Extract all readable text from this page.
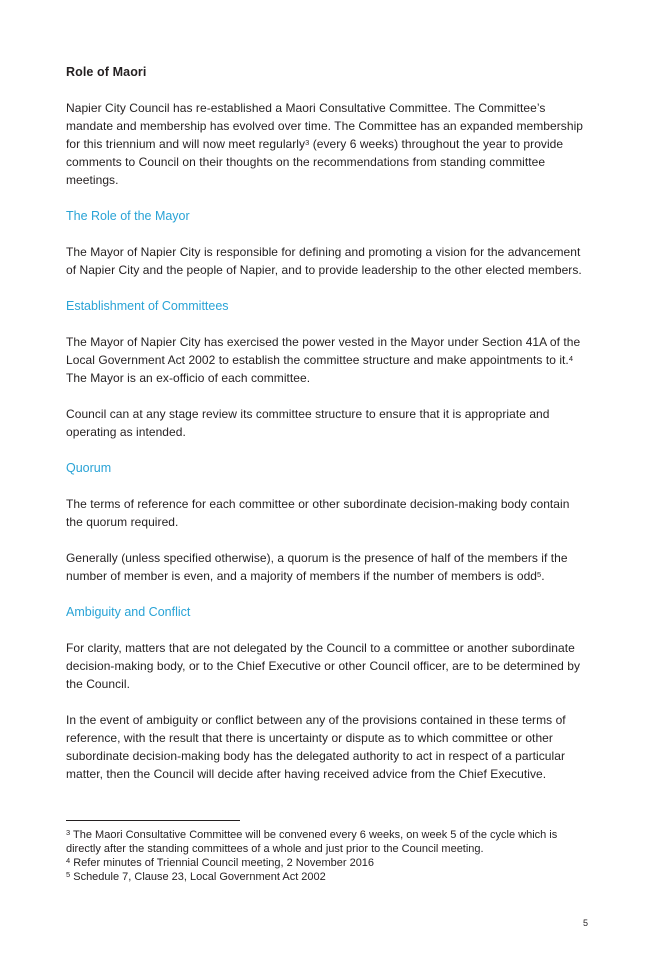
Role of Maori

Napier City Council has re-established a Maori Consultative Committee. The Committee’s mandate and membership has evolved over time. The Committee has an expanded membership for this triennium and will now meet regularly$^3$ (every 6 weeks) throughout the year to provide comments to Council on their thoughts on the recommendations from standing committee meetings.

The Role of the Mayor

The Mayor of Napier City is responsible for defining and promoting a vision for the advancement of Napier City and the people of Napier, and to provide leadership to the other elected members.

Establishment of Committees

The Mayor of Napier City has exercised the power vested in the Mayor under Section 41A of the Local Government Act 2002 to establish the committee structure and make appointments to it.$^4$ The Mayor is an ex-officio of each committee.

Council can at any stage review its committee structure to ensure that it is appropriate and operating as intended.

Quorum

The terms of reference for each committee or other subordinate decision-making body contain the quorum required.

Generally (unless specified otherwise), a quorum is the presence of half of the members if the number of member is even, and a majority of members if the number of members is odd$^5$.

Ambiguity and Conflict

For clarity, matters that are not delegated by the Council to a committee or another subordinate decision-making body, or to the Chief Executive or other Council officer, are to be determined by the Council.

In the event of ambiguity or conflict between any of the provisions contained in these terms of reference, with the result that there is uncertainty or dispute as to which committee or other subordinate decision-making body has the delegated authority to act in respect of a particular matter, then the Council will decide after having received advice from the Chief Executive.

$^3$ The Maori Consultative Committee will be convened every 6 weeks, on week 5 of the cycle which is directly after the standing committees of a whole and just prior to the Council meeting.
$^4$ Refer minutes of Triennial Council meeting, 2 November 2016
$^5$ Schedule 7, Clause 23, Local Government Act 2002
5
